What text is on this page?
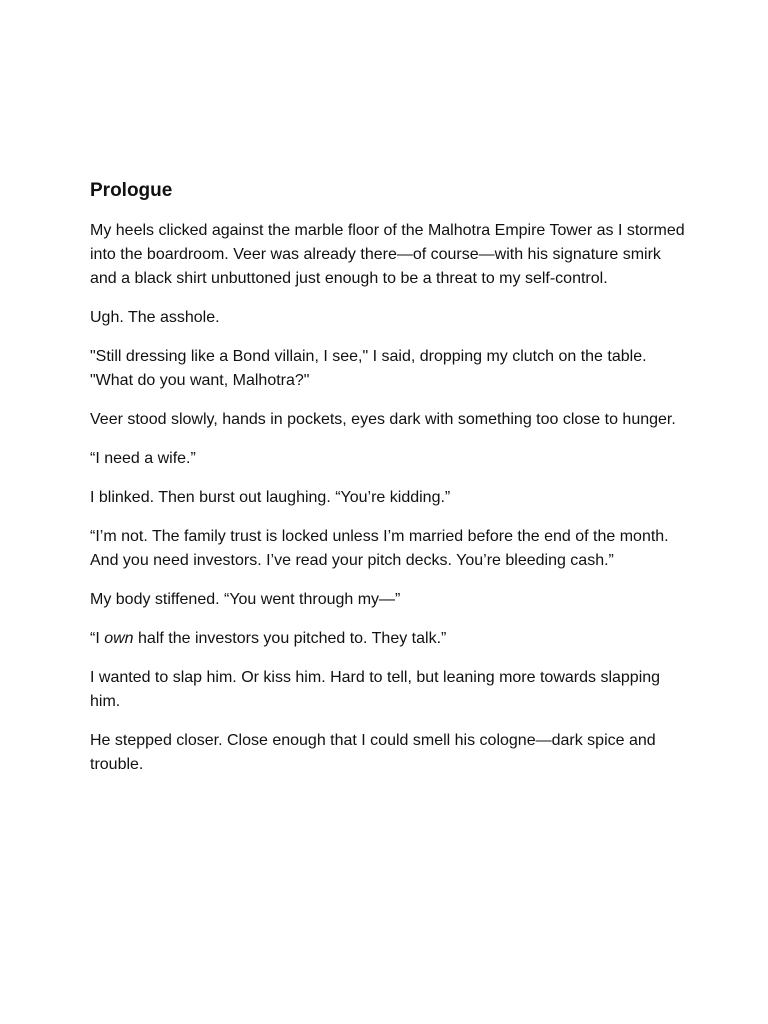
Prologue

My heels clicked against the marble floor of the Malhotra Empire Tower as I stormed into the boardroom. Veer was already there—of course—with his signature smirk and a black shirt unbuttoned just enough to be a threat to my self-control.

Ugh. The asshole.

"Still dressing like a Bond villain, I see," I said, dropping my clutch on the table. "What do you want, Malhotra?"

Veer stood slowly, hands in pockets, eyes dark with something too close to hunger.

“I need a wife.”

I blinked. Then burst out laughing. “You’re kidding.”

“I’m not. The family trust is locked unless I’m married before the end of the month. And you need investors. I’ve read your pitch decks. You’re bleeding cash.”

My body stiffened. “You went through my—”

“I own half the investors you pitched to. They talk.”

I wanted to slap him. Or kiss him. Hard to tell, but leaning more towards slapping him.

He stepped closer. Close enough that I could smell his cologne—dark spice and trouble.
